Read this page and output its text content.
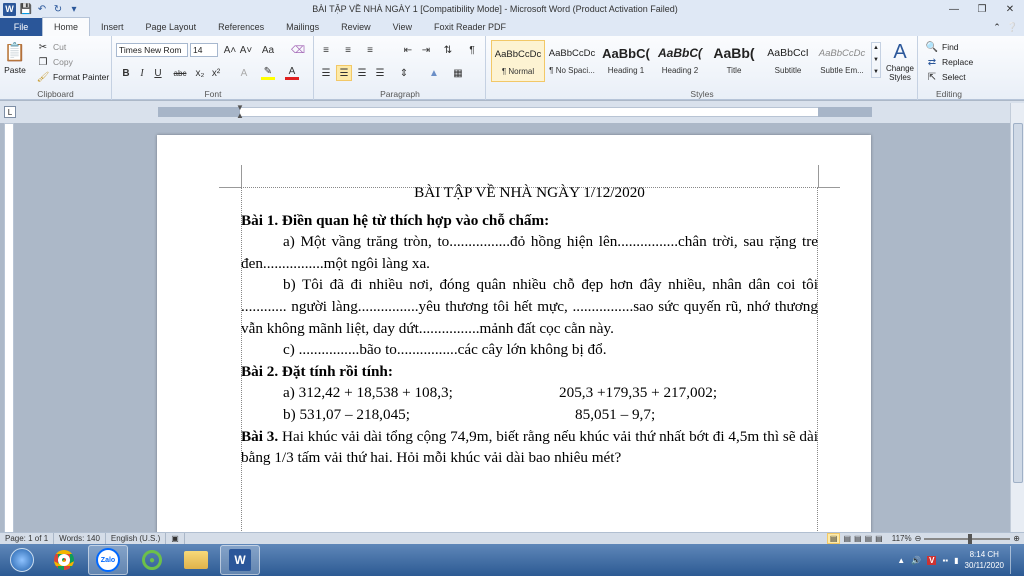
W 💾 ↶ ↻ ▾	BÀI TẬP VỀ NHÀ NGÀY 1 [Compatibility Mode] - Microsoft Word (Product Activation Failed)	—	❐	✕
File	Home	Insert	Page Layout	References	Mailings	Review	View	Foxit Reader PDF	⌃ ❔
📋
Paste
✂ Cut
❐ Copy
🖌 Format Painter
Clipboard
Times New Rom	14	A˄ A˅ Aa ⌫
B	I	U	abc x₂ x²	A	✎	A
Font
≡	≡	≡	⇤ ⇥ ⇅	¶
☰ ☰ ☰ ☰ ⇕ ▲ ▦
Paragraph
AaBbCcDc
¶ Normal
AaBbCcDc
¶ No Spaci...
AaBbC(
Heading 1
AaBbC(
Heading 2
AaBb(
Title
AaBbCcI
Subtitle
AaBbCcDc
Subtle Em...
▲
▼
▼
A
Change Styles
Styles
🔍 Find
⇄ Replace
⇱ Select
Editing
L	▼
▲

BÀI TẬP VỀ NHÀ NGÀY 1/12/2020

Bài 1. Điền quan hệ từ thích hợp vào chỗ chấm:

a) Một vầng trăng tròn, to................đỏ hồng hiện lên................chân trời, sau rặng tre đen................một ngôi làng xa.

b) Tôi đã đi nhiều nơi, đóng quân nhiều chỗ đẹp hơn đây nhiều, nhân dân coi tôi ............ người làng................yêu thương tôi hết mực, ................sao sức quyến rũ, nhớ thương vẫn không mãnh liệt, day dứt................mảnh đất cọc cằn này.

c) ................bão to................các cây lớn không bị đổ.

Bài 2. Đặt tính rồi tính:

a) 312,42 + 18,538 + 108,3;	205,3 +179,35 + 217,002;

b) 531,07 – 218,045;	85,051 – 9,7;

Bài 3. Hai khúc vải dài tổng cộng 74,9m, biết rằng nếu khúc vải thứ nhất bớt đi 4,5m thì sẽ dài bằng 1/3 tấm vải thứ hai. Hỏi mỗi khúc vải dài bao nhiêu mét?

Page: 1 of 1	Words: 140	English (U.S.)	▣	▤ ▤ ▤ ▤ ▤ 117% ⊖	⊕
Zalo	●	W	▲ 🔊 V ▪▪ ▮
8:14 CH
30/11/2020
